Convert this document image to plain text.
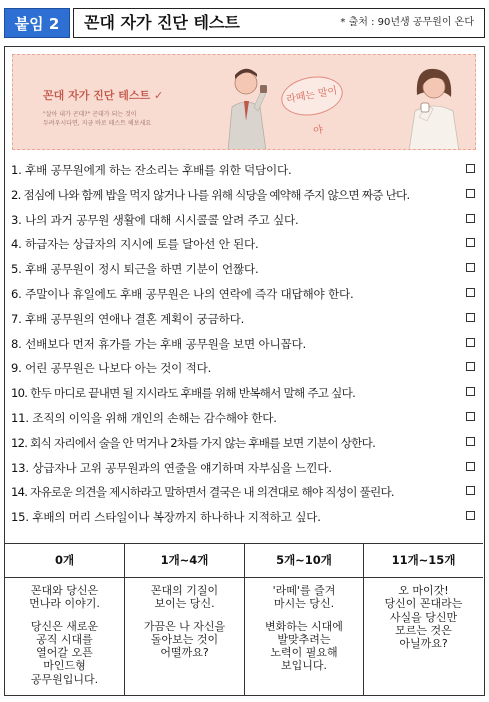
붙임 2	꼰대 자가 진단 테스트	* 출처 : 90년생 공무원이 온다
꼰대 자가 진단 테스트 ✓
"살아 내가 곤대?" 곤대가 되는 것이
두려우시다면, 지금 바로 테스트 해보세요
라떼는 말이야
1. 후배 공무원에게 하는 잔소리는 후배를 위한 덕담이다.
2. 점심에 나와 함께 밥을 먹지 않거나 나를 위해 식당을 예약해 주지 않으면 짜증 난다.
3. 나의 과거 공무원 생활에 대해 시시콜콜 알려 주고 싶다.
4. 하급자는 상급자의 지시에 토를 달아선 안 된다.
5. 후배 공무원이 정시 퇴근을 하면 기분이 언짢다.
6. 주말이나 휴일에도 후배 공무원은 나의 연락에 즉각 대답해야 한다.
7. 후배 공무원의 연애나 결혼 계획이 궁금하다.
8. 선배보다 먼저 휴가를 가는 후배 공무원을 보면 아니꼽다.
9. 어린 공무원은 나보다 아는 것이 적다.
10. 한두 마디로 끝내면 될 지시라도 후배를 위해 반복해서 말해 주고 싶다.
11. 조직의 이익을 위해 개인의 손해는 감수해야 한다.
12. 회식 자리에서 술을 안 먹거나 2차를 가지 않는 후배를 보면 기분이 상한다.
13. 상급자나 고위 공무원과의 연줄을 얘기하며 자부심을 느낀다.
14. 자유로운 의견을 제시하라고 말하면서 결국은 내 의견대로 해야 직성이 풀린다.
15. 후배의 머리 스타일이나 복장까지 하나하나 지적하고 싶다.
0개

꼰대와 당신은
먼나라 이야기.

당신은 새로운
공직 시대를
열어갈 오픈
마인드형
공무원입니다.

1개~4개

꼰대의 기질이
보이는 당신.

가끔은 나 자신을
돌아보는 것이
어떨까요?

5개~10개

'라떼'를 즐겨
마시는 당신.

변화하는 시대에
발맞추려는
노력이 필요해
보입니다.

11개~15개

오 마이갓!
당신이 꼰대라는
사실을 당신만
모르는 것은
아닐까요?
